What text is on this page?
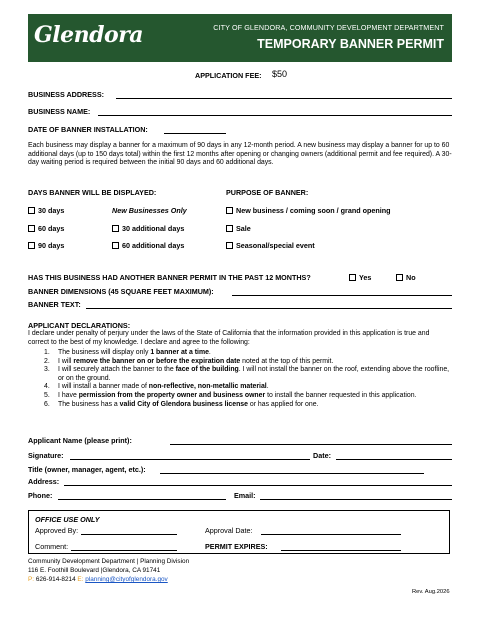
Glendora	CITY OF GLENDORA, COMMUNITY DEVELOPMENT DEPARTMENT
TEMPORARY BANNER PERMIT
APPLICATION FEE: $50
BUSINESS ADDRESS:
BUSINESS NAME:
DATE OF BANNER INSTALLATION:
Each business may display a banner for a maximum of 90 days in any 12-month period. A new business may display a banner for up to 60 additional days (up to 150 days total) within the first 12 months after opening or changing owners (additional permit and fee required). A 30-day waiting period is required between the initial 90 days and 60 additional days.
DAYS BANNER WILL BE DISPLAYED:	PURPOSE OF BANNER:
30 days	New Businesses Only	New business / coming soon / grand opening
60 days	30 additional days	Sale
90 days	60 additional days	Seasonal/special event
HAS THIS BUSINESS HAD ANOTHER BANNER PERMIT IN THE PAST 12 MONTHS?	Yes	No
BANNER DIMENSIONS (45 SQUARE FEET MAXIMUM):
BANNER TEXT:
APPLICANT DECLARATIONS:
I declare under penalty of perjury under the laws of the State of California that the information provided in this application is true and correct to the best of my knowledge. I declare and agree to the following:
1. The business will display only 1 banner at a time.
2. I will remove the banner on or before the expiration date noted at the top of this permit.
3. I will securely attach the banner to the face of the building. I will not install the banner on the roof, extending above the roofline, or on the ground.
4. I will install a banner made of non-reflective, non-metallic material.
5. I have permission from the property owner and business owner to install the banner requested in this application.
6. The business has a valid City of Glendora business license or has applied for one.
Applicant Name (please print):
Signature:	Date:
Title (owner, manager, agent, etc.):
Address:
Phone:	Email:
OFFICE USE ONLY
Approved By:	Approval Date:
Comment:	PERMIT EXPIRES:
Community Development Department | Planning Division
116 E. Foothill Boulevard |Glendora, CA 91741
P: 626-914-8214 E: planning@cityofglendora.gov
Rev. Aug.2026
